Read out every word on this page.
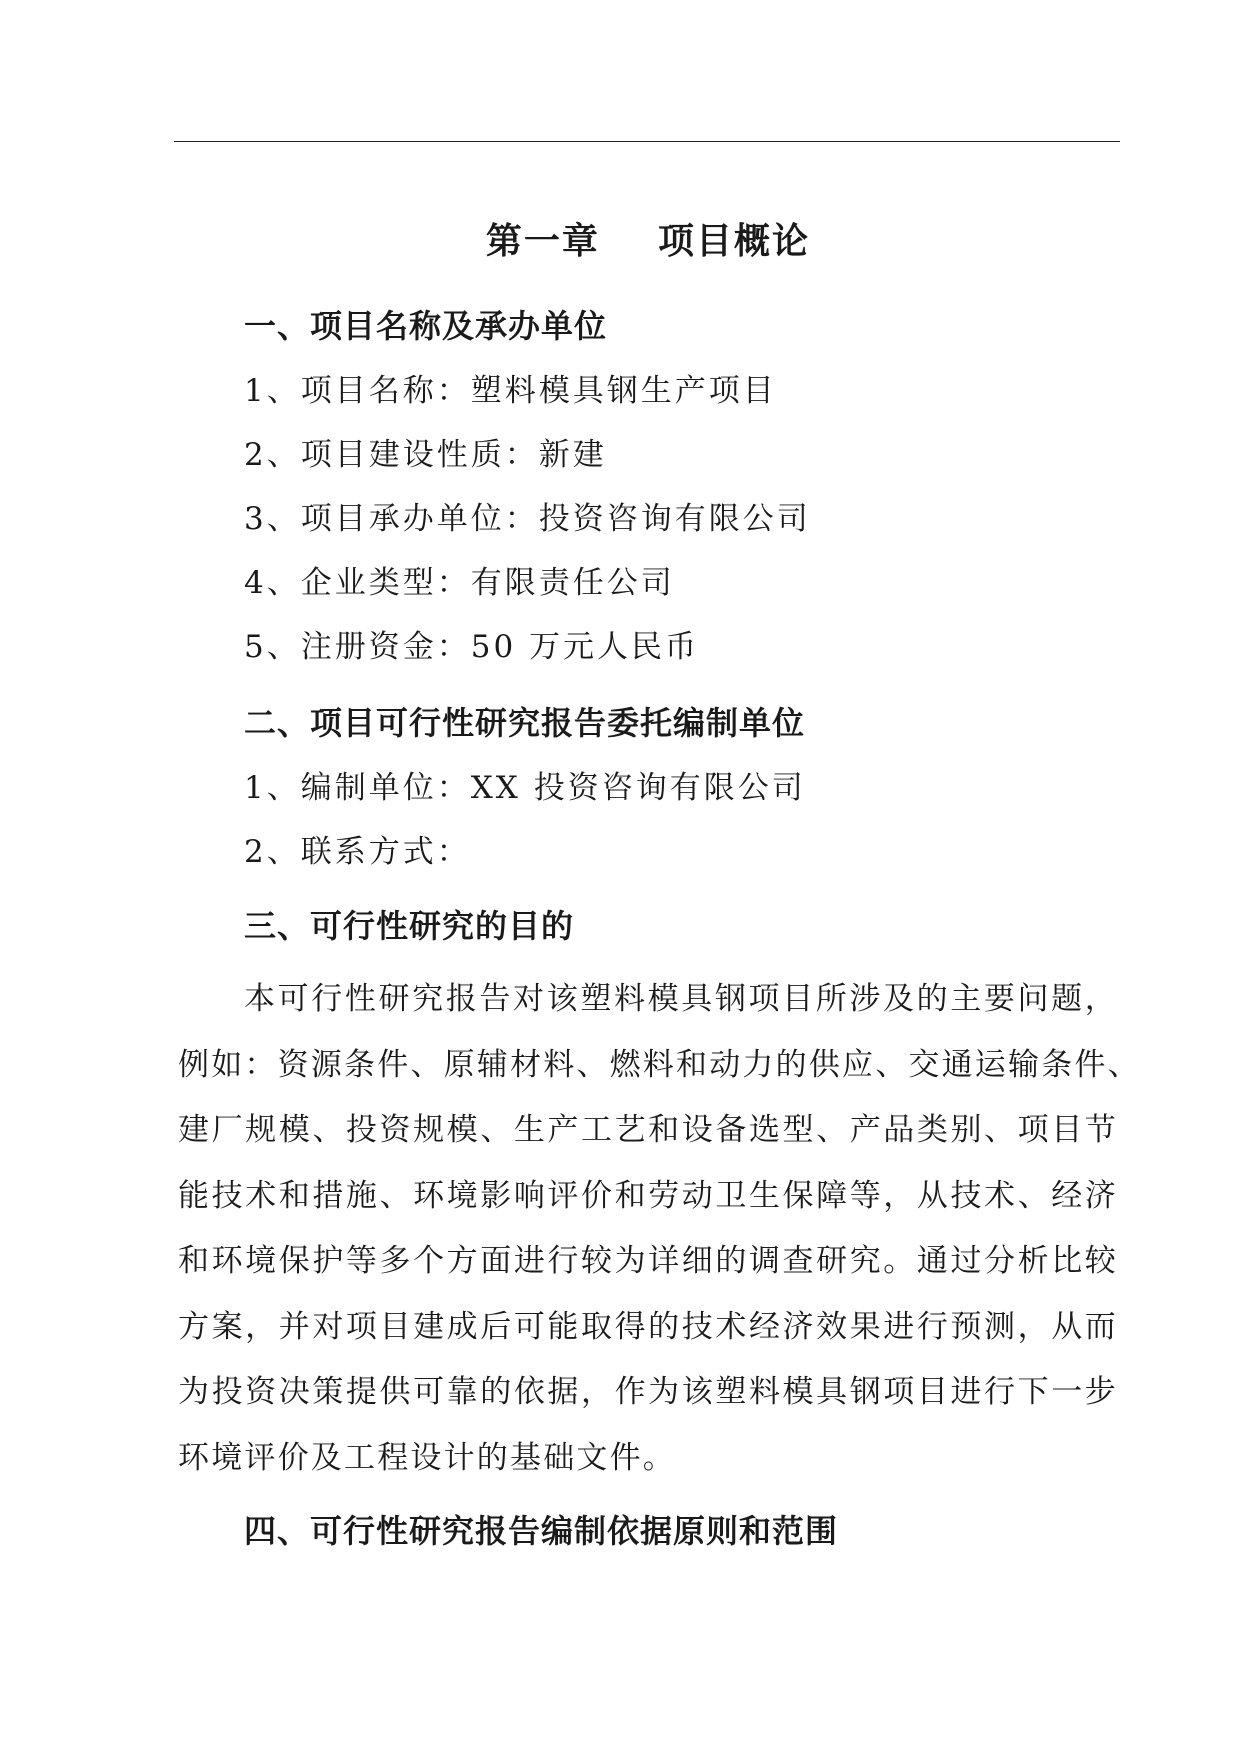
第一章    项目概论
一、项目名称及承办单位
1、项目名称：塑料模具钢生产项目
2、项目建设性质：新建
3、项目承办单位：投资咨询有限公司
4、企业类型：有限责任公司
5、注册资金：50 万元人民币
二、项目可行性研究报告委托编制单位
1、编制单位：XX 投资咨询有限公司
2、联系方式：
三、可行性研究的目的
本可行性研究报告对该塑料模具钢项目所涉及的主要问题，
例如：资源条件、原辅材料、燃料和动力的供应、交通运输条件、
建厂规模、投资规模、生产工艺和设备选型、产品类别、项目节
能技术和措施、环境影响评价和劳动卫生保障等，从技术、经济
和环境保护等多个方面进行较为详细的调查研究。通过分析比较
方案，并对项目建成后可能取得的技术经济效果进行预测，从而
为投资决策提供可靠的依据，作为该塑料模具钢项目进行下一步
环境评价及工程设计的基础文件。
四、可行性研究报告编制依据原则和范围
